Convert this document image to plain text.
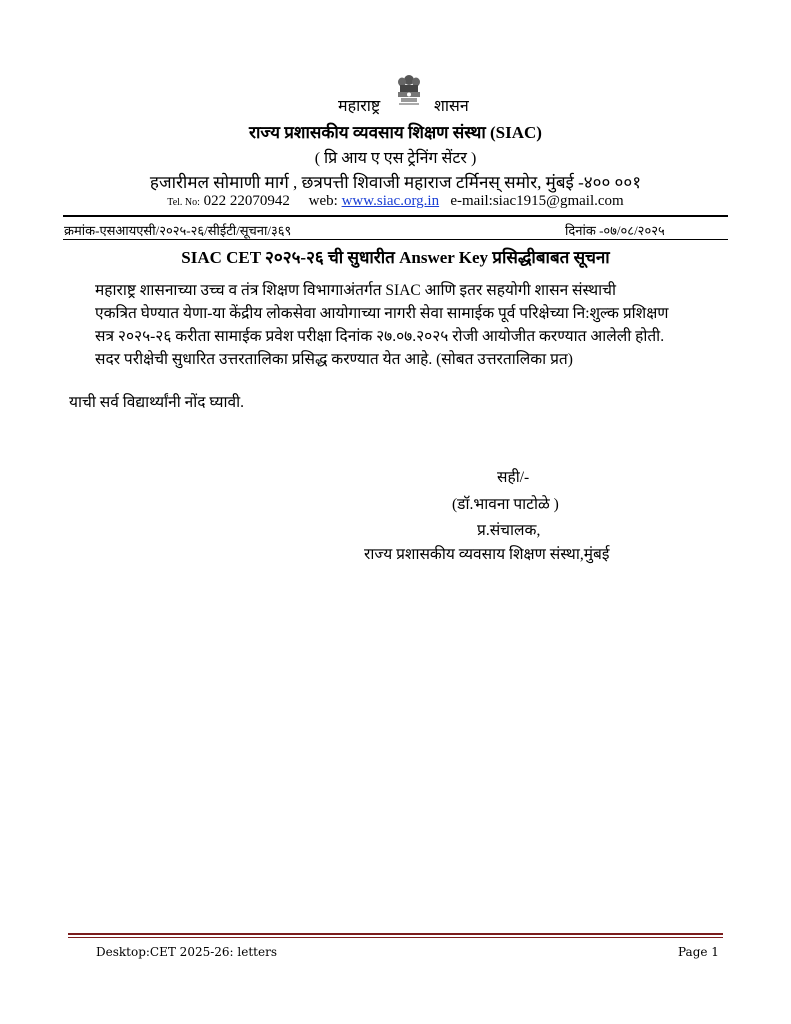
महाराष्ट्र	शासन
राज्य प्रशासकीय व्यवसाय शिक्षण संस्था (SIAC)
( प्रि आय ए एस ट्रेनिंग सेंटर )
हजारीमल सोमाणी मार्ग , छत्रपत्ती शिवाजी महाराज टर्मिनस् समोर, मुंबई -४०० ००१
Tel. No: 022 22070942 web: www.siac.org.in e-mail:siac1915@gmail.com
क्रमांक-एसआयएसी/२०२५-२६/सीईटी/सूचना/३६९	दिनांक -०७/०८/२०२५
SIAC CET २०२५-२६ ची सुधारीत Answer Key प्रसिद्धीबाबत सूचना
महाराष्ट्र शासनाच्या उच्च व तंत्र शिक्षण विभागाअंतर्गत SIAC आणि इतर सहयोगी शासन संस्थाची
एकत्रित घेण्यात येणा-या केंद्रीय लोकसेवा आयोगाच्या नागरी सेवा सामाईक पूर्व परिक्षेच्या नि:शुल्क प्रशिक्षण
सत्र २०२५-२६ करीता सामाईक प्रवेश परीक्षा दिनांक २७.०७.२०२५ रोजी आयोजीत करण्यात आलेली होती.
सदर परीक्षेची सुधारित उत्तरतालिका प्रसिद्ध करण्यात येत आहे. (सोबत उत्तरतालिका प्रत)
याची सर्व विद्यार्थ्यांनी नोंद घ्यावी.
सही/-
(डॉ.भावना पाटोळे )
प्र.संचालक,
राज्य प्रशासकीय व्यवसाय शिक्षण संस्था,मुंबई
Desktop:CET 2025-26: letters	Page 1
